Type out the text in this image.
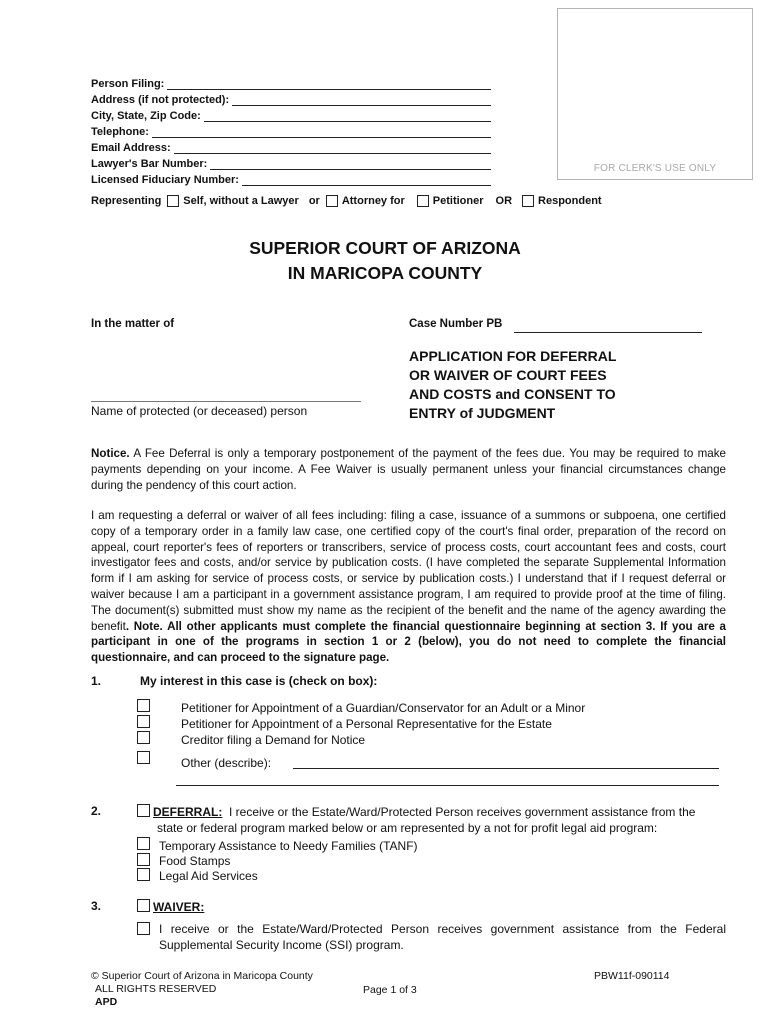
FOR CLERK'S USE ONLY
Person Filing:
Address (if not protected):
City, State, Zip Code:
Telephone:
Email Address:
Lawyer's Bar Number:
Licensed Fiduciary Number:
Representing Self, without a Lawyer or Attorney for	Petitioner OR Respondent
SUPERIOR COURT OF ARIZONA
IN MARICOPA COUNTY
In the matter of	Case Number PB
Name of protected (or deceased) person
APPLICATION FOR DEFERRAL
OR WAIVER OF COURT FEES
AND COSTS and CONSENT TO
ENTRY of JUDGMENT
Notice. A Fee Deferral is only a temporary postponement of the payment of the fees due. You may be required to make payments depending on your income. A Fee Waiver is usually permanent unless your financial circumstances change during the pendency of this court action.
I am requesting a deferral or waiver of all fees including: filing a case, issuance of a summons or subpoena, one certified copy of a temporary order in a family law case, one certified copy of the court's final order, preparation of the record on appeal, court reporter's fees of reporters or transcribers, service of process costs, court accountant fees and costs, court investigator fees and costs, and/or service by publication costs. (I have completed the separate Supplemental Information form if I am asking for service of process costs, or service by publication costs.) I understand that if I request deferral or waiver because I am a participant in a government assistance program, I am required to provide proof at the time of filing. The document(s) submitted must show my name as the recipient of the benefit and the name of the agency awarding the benefit. Note. All other applicants must complete the financial questionnaire beginning at section 3. If you are a participant in one of the programs in section 1 or 2 (below), you do not need to complete the financial questionnaire, and can proceed to the signature page.
1.	My interest in this case is (check on box):
Petitioner for Appointment of a Guardian/Conservator for an Adult or a Minor
Petitioner for Appointment of a Personal Representative for the Estate
Creditor filing a Demand for Notice
Other (describe):
2.	DEFERRAL: I receive or the Estate/Ward/Protected Person receives government assistance from the
state or federal program marked below or am represented by a not for profit legal aid program:
Temporary Assistance to Needy Families (TANF)
Food Stamps
Legal Aid Services
3.	WAIVER:
I receive or the Estate/Ward/Protected Person receives government assistance from the Federal Supplemental Security Income (SSI) program.
© Superior Court of Arizona in Maricopa County
ALL RIGHTS RESERVED
APD
Page 1 of 3
PBW11f-090114
